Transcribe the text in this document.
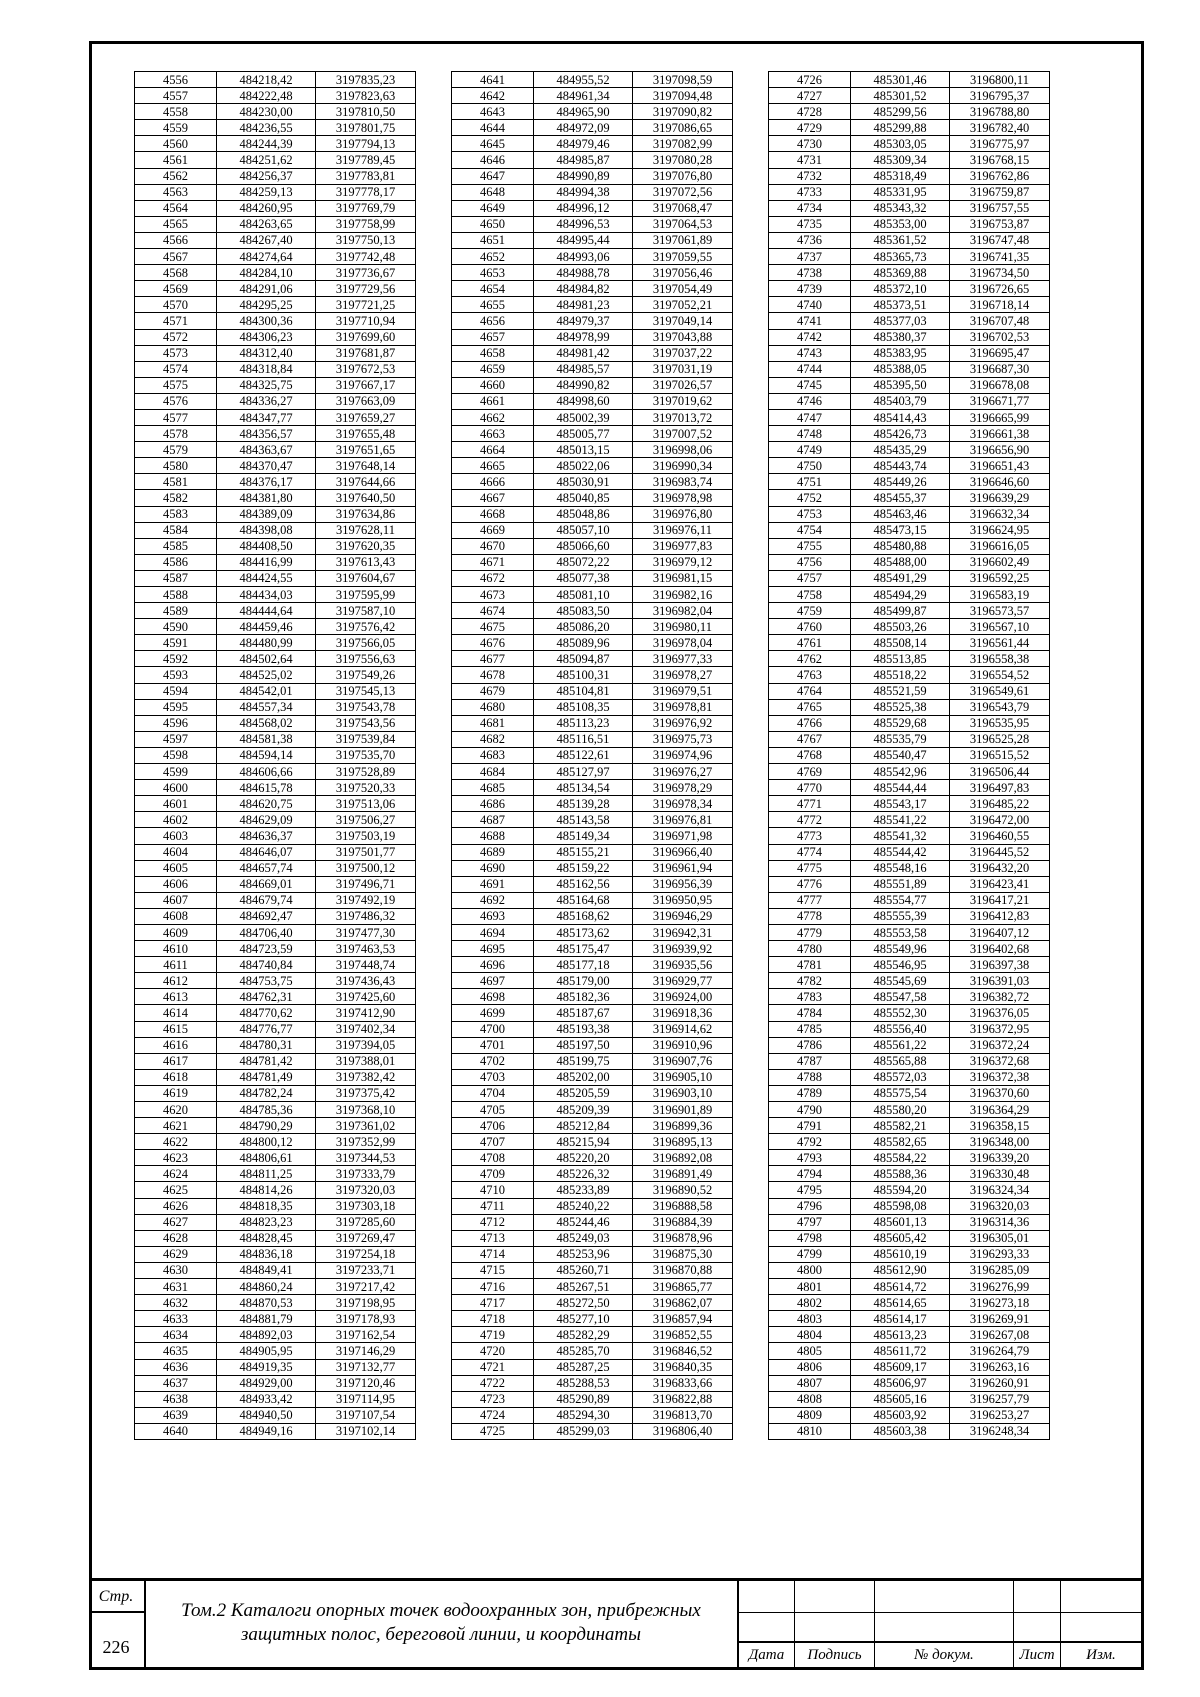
4556	484218,42	3197835,23
4557	484222,48	3197823,63
4558	484230,00	3197810,50
4559	484236,55	3197801,75
4560	484244,39	3197794,13
4561	484251,62	3197789,45
4562	484256,37	3197783,81
4563	484259,13	3197778,17
4564	484260,95	3197769,79
4565	484263,65	3197758,99
4566	484267,40	3197750,13
4567	484274,64	3197742,48
4568	484284,10	3197736,67
4569	484291,06	3197729,56
4570	484295,25	3197721,25
4571	484300,36	3197710,94
4572	484306,23	3197699,60
4573	484312,40	3197681,87
4574	484318,84	3197672,53
4575	484325,75	3197667,17
4576	484336,27	3197663,09
4577	484347,77	3197659,27
4578	484356,57	3197655,48
4579	484363,67	3197651,65
4580	484370,47	3197648,14
4581	484376,17	3197644,66
4582	484381,80	3197640,50
4583	484389,09	3197634,86
4584	484398,08	3197628,11
4585	484408,50	3197620,35
4586	484416,99	3197613,43
4587	484424,55	3197604,67
4588	484434,03	3197595,99
4589	484444,64	3197587,10
4590	484459,46	3197576,42
4591	484480,99	3197566,05
4592	484502,64	3197556,63
4593	484525,02	3197549,26
4594	484542,01	3197545,13
4595	484557,34	3197543,78
4596	484568,02	3197543,56
4597	484581,38	3197539,84
4598	484594,14	3197535,70
4599	484606,66	3197528,89
4600	484615,78	3197520,33
4601	484620,75	3197513,06
4602	484629,09	3197506,27
4603	484636,37	3197503,19
4604	484646,07	3197501,77
4605	484657,74	3197500,12
4606	484669,01	3197496,71
4607	484679,74	3197492,19
4608	484692,47	3197486,32
4609	484706,40	3197477,30
4610	484723,59	3197463,53
4611	484740,84	3197448,74
4612	484753,75	3197436,43
4613	484762,31	3197425,60
4614	484770,62	3197412,90
4615	484776,77	3197402,34
4616	484780,31	3197394,05
4617	484781,42	3197388,01
4618	484781,49	3197382,42
4619	484782,24	3197375,42
4620	484785,36	3197368,10
4621	484790,29	3197361,02
4622	484800,12	3197352,99
4623	484806,61	3197344,53
4624	484811,25	3197333,79
4625	484814,26	3197320,03
4626	484818,35	3197303,18
4627	484823,23	3197285,60
4628	484828,45	3197269,47
4629	484836,18	3197254,18
4630	484849,41	3197233,71
4631	484860,24	3197217,42
4632	484870,53	3197198,95
4633	484881,79	3197178,93
4634	484892,03	3197162,54
4635	484905,95	3197146,29
4636	484919,35	3197132,77
4637	484929,00	3197120,46
4638	484933,42	3197114,95
4639	484940,50	3197107,54
4640	484949,16	3197102,14
4641	484955,52	3197098,59
4642	484961,34	3197094,48
4643	484965,90	3197090,82
4644	484972,09	3197086,65
4645	484979,46	3197082,99
4646	484985,87	3197080,28
4647	484990,89	3197076,80
4648	484994,38	3197072,56
4649	484996,12	3197068,47
4650	484996,53	3197064,53
4651	484995,44	3197061,89
4652	484993,06	3197059,55
4653	484988,78	3197056,46
4654	484984,82	3197054,49
4655	484981,23	3197052,21
4656	484979,37	3197049,14
4657	484978,99	3197043,88
4658	484981,42	3197037,22
4659	484985,57	3197031,19
4660	484990,82	3197026,57
4661	484998,60	3197019,62
4662	485002,39	3197013,72
4663	485005,77	3197007,52
4664	485013,15	3196998,06
4665	485022,06	3196990,34
4666	485030,91	3196983,74
4667	485040,85	3196978,98
4668	485048,86	3196976,80
4669	485057,10	3196976,11
4670	485066,60	3196977,83
4671	485072,22	3196979,12
4672	485077,38	3196981,15
4673	485081,10	3196982,16
4674	485083,50	3196982,04
4675	485086,20	3196980,11
4676	485089,96	3196978,04
4677	485094,87	3196977,33
4678	485100,31	3196978,27
4679	485104,81	3196979,51
4680	485108,35	3196978,81
4681	485113,23	3196976,92
4682	485116,51	3196975,73
4683	485122,61	3196974,96
4684	485127,97	3196976,27
4685	485134,54	3196978,29
4686	485139,28	3196978,34
4687	485143,58	3196976,81
4688	485149,34	3196971,98
4689	485155,21	3196966,40
4690	485159,22	3196961,94
4691	485162,56	3196956,39
4692	485164,68	3196950,95
4693	485168,62	3196946,29
4694	485173,62	3196942,31
4695	485175,47	3196939,92
4696	485177,18	3196935,56
4697	485179,00	3196929,77
4698	485182,36	3196924,00
4699	485187,67	3196918,36
4700	485193,38	3196914,62
4701	485197,50	3196910,96
4702	485199,75	3196907,76
4703	485202,00	3196905,10
4704	485205,59	3196903,10
4705	485209,39	3196901,89
4706	485212,84	3196899,36
4707	485215,94	3196895,13
4708	485220,20	3196892,08
4709	485226,32	3196891,49
4710	485233,89	3196890,52
4711	485240,22	3196888,58
4712	485244,46	3196884,39
4713	485249,03	3196878,96
4714	485253,96	3196875,30
4715	485260,71	3196870,88
4716	485267,51	3196865,77
4717	485272,50	3196862,07
4718	485277,10	3196857,94
4719	485282,29	3196852,55
4720	485285,70	3196846,52
4721	485287,25	3196840,35
4722	485288,53	3196833,66
4723	485290,89	3196822,88
4724	485294,30	3196813,70
4725	485299,03	3196806,40
4726	485301,46	3196800,11
4727	485301,52	3196795,37
4728	485299,56	3196788,80
4729	485299,88	3196782,40
4730	485303,05	3196775,97
4731	485309,34	3196768,15
4732	485318,49	3196762,86
4733	485331,95	3196759,87
4734	485343,32	3196757,55
4735	485353,00	3196753,87
4736	485361,52	3196747,48
4737	485365,73	3196741,35
4738	485369,88	3196734,50
4739	485372,10	3196726,65
4740	485373,51	3196718,14
4741	485377,03	3196707,48
4742	485380,37	3196702,53
4743	485383,95	3196695,47
4744	485388,05	3196687,30
4745	485395,50	3196678,08
4746	485403,79	3196671,77
4747	485414,43	3196665,99
4748	485426,73	3196661,38
4749	485435,29	3196656,90
4750	485443,74	3196651,43
4751	485449,26	3196646,60
4752	485455,37	3196639,29
4753	485463,46	3196632,34
4754	485473,15	3196624,95
4755	485480,88	3196616,05
4756	485488,00	3196602,49
4757	485491,29	3196592,25
4758	485494,29	3196583,19
4759	485499,87	3196573,57
4760	485503,26	3196567,10
4761	485508,14	3196561,44
4762	485513,85	3196558,38
4763	485518,22	3196554,52
4764	485521,59	3196549,61
4765	485525,38	3196543,79
4766	485529,68	3196535,95
4767	485535,79	3196525,28
4768	485540,47	3196515,52
4769	485542,96	3196506,44
4770	485544,44	3196497,83
4771	485543,17	3196485,22
4772	485541,22	3196472,00
4773	485541,32	3196460,55
4774	485544,42	3196445,52
4775	485548,16	3196432,20
4776	485551,89	3196423,41
4777	485554,77	3196417,21
4778	485555,39	3196412,83
4779	485553,58	3196407,12
4780	485549,96	3196402,68
4781	485546,95	3196397,38
4782	485545,69	3196391,03
4783	485547,58	3196382,72
4784	485552,30	3196376,05
4785	485556,40	3196372,95
4786	485561,22	3196372,24
4787	485565,88	3196372,68
4788	485572,03	3196372,38
4789	485575,54	3196370,60
4790	485580,20	3196364,29
4791	485582,21	3196358,15
4792	485582,65	3196348,00
4793	485584,22	3196339,20
4794	485588,36	3196330,48
4795	485594,20	3196324,34
4796	485598,08	3196320,03
4797	485601,13	3196314,36
4798	485605,42	3196305,01
4799	485610,19	3196293,33
4800	485612,90	3196285,09
4801	485614,72	3196276,99
4802	485614,65	3196273,18
4803	485614,17	3196269,91
4804	485613,23	3196267,08
4805	485611,72	3196264,79
4806	485609,17	3196263,16
4807	485606,97	3196260,91
4808	485605,16	3196257,79
4809	485603,92	3196253,27
4810	485603,38	3196248,34
Стр.
226
Том.2 Каталоги опорных точек водоохранных зон, прибрежных
защитных полос, береговой линии, и координаты
Дата	Подпись	№ докум.	Лист	Изм.
